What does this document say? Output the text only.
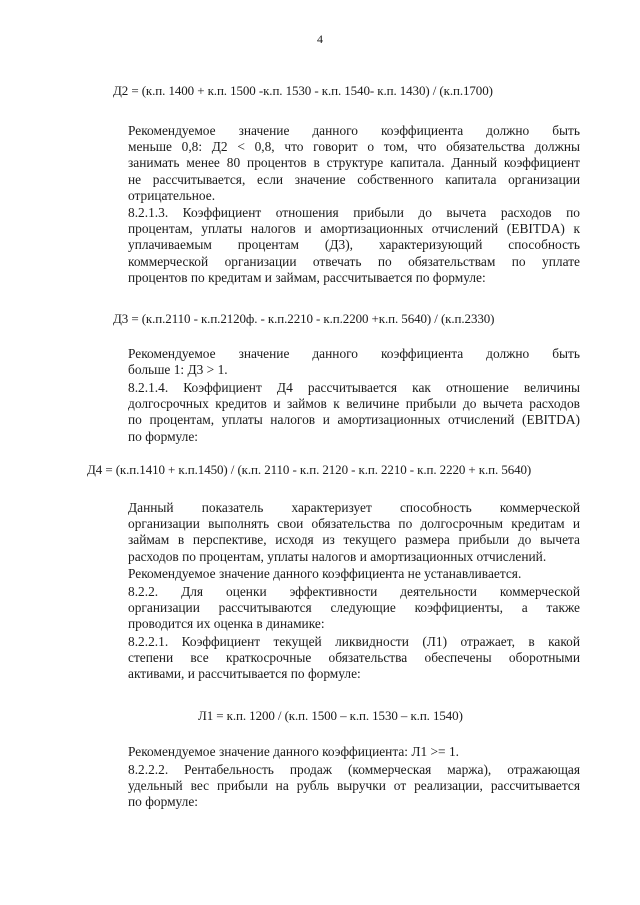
4
Д2 = (к.п. 1400 + к.п. 1500 -к.п. 1530 - к.п. 1540- к.п. 1430) / (к.п.1700)
Рекомендуемое значение данного коэффициента должно быть
меньше 0,8: Д2 < 0,8, что говорит о том, что обязательства должны
занимать менее 80 процентов в структуре капитала. Данный коэффициент
не рассчитывается, если значение собственного капитала организации
отрицательное.
8.2.1.3. Коэффициент отношения прибыли до вычета расходов по
процентам, уплаты налогов и амортизационных отчислений (EBITDA) к
уплачиваемым процентам (Д3), характеризующий способность
коммерческой организации отвечать по обязательствам по уплате
процентов по кредитам и займам, рассчитывается по формуле:
Д3 = (к.п.2110 - к.п.2120ф. - к.п.2210 - к.п.2200 +к.п. 5640) / (к.п.2330)
Рекомендуемое значение данного коэффициента должно быть
больше 1: Д3 > 1.
8.2.1.4. Коэффициент Д4 рассчитывается как отношение величины
долгосрочных кредитов и займов к величине прибыли до вычета расходов
по процентам, уплаты налогов и амортизационных отчислений (EBITDA)
по формуле:
Д4 = (к.п.1410 + к.п.1450) / (к.п. 2110 - к.п. 2120 - к.п. 2210 - к.п. 2220 + к.п. 5640)
Данный показатель характеризует способность коммерческой
организации выполнять свои обязательства по долгосрочным кредитам и
займам в перспективе, исходя из текущего размера прибыли до вычета
расходов по процентам, уплаты налогов и амортизационных отчислений.
Рекомендуемое значение данного коэффициента не устанавливается.
8.2.2. Для оценки эффективности деятельности коммерческой
организации рассчитываются следующие коэффициенты, а также
проводится их оценка в динамике:
8.2.2.1. Коэффициент текущей ликвидности (Л1) отражает, в какой
степени все краткосрочные обязательства обеспечены оборотными
активами, и рассчитывается по формуле:
Л1 = к.п. 1200 / (к.п. 1500 – к.п. 1530 – к.п. 1540)
Рекомендуемое значение данного коэффициента: Л1 >= 1.
8.2.2.2. Рентабельность продаж (коммерческая маржа), отражающая
удельный вес прибыли на рубль выручки от реализации, рассчитывается
по формуле:
